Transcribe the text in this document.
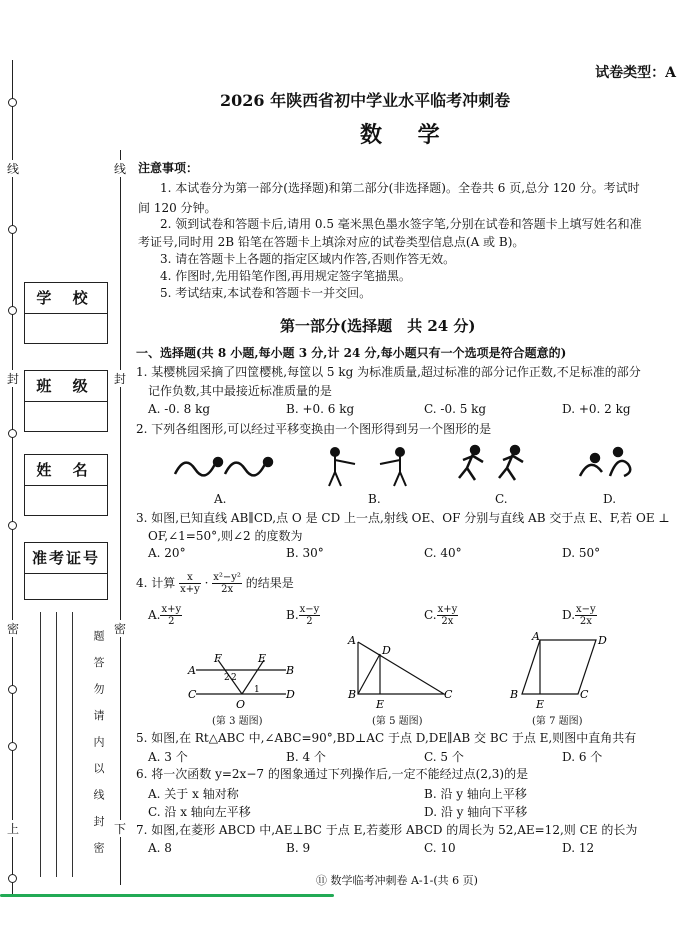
线
封
密
上
学 校
班 级
姓 名
准考证号
线
封
密
下
题 答 勿 请 内 以 线 封 密
试卷类型：A
2026 年陕西省初中学业水平临考冲刺卷
数 学
注意事项：
1. 本试卷分为第一部分(选择题)和第二部分(非选择题)。全卷共 6 页,总分 120 分。考试时
间 120 分钟。
2. 领到试卷和答题卡后,请用 0.5 毫米黑色墨水签字笔,分别在试卷和答题卡上填写姓名和准
考证号,同时用 2B 铅笔在答题卡上填涂对应的试卷类型信息点(A 或 B)。
3. 请在答题卡上各题的指定区域内作答,否则作答无效。
4. 作图时,先用铅笔作图,再用规定签字笔描黑。
5. 考试结束,本试卷和答题卡一并交回。
第一部分(选择题　共 24 分)
一、选择题(共 8 小题,每小题 3 分,计 24 分,每小题只有一个选项是符合题意的)
1. 某樱桃园采摘了四筐樱桃,每筐以 5 kg 为标准质量,超过标准的部分记作正数,不足标准的部分
记作负数,其中最接近标准质量的是
A. -0. 8 kg	B. +0. 6 kg	C. -0. 5 kg	D. +0. 2 kg
2. 下列各组图形,可以经过平移变换由一个图形得到另一个图形的是
A.	B.	C.	D.
3. 如图,已知直线 AB∥CD,点 O 是 CD 上一点,射线 OE、OF 分别与直线 AB 交于点 E、F,若 OE ⊥
OF,∠1=50°,则∠2 的度数为
A. 20°	B. 30°	C. 40°	D. 50°
4. 计算 $\frac{x}{x+y} \cdot \frac{\text{x²−y²}}{2x}$ 的结果是
A. $\frac{x+y}{2}$	B. $\frac{x-y}{2}$	C. $\frac{x+y}{2x}$	D. $\frac{x-y}{2x}$
A
F	E
B
C
O
D
2 2
1
(第 3 题图)
A
D
B
E
C
(第 5 题图)
A	D
B
E
C
(第 7 题图)
5. 如图,在 Rt△ABC 中,∠ABC=90°,BD⊥AC 于点 D,DE∥AB 交 BC 于点 E,则图中直角共有
A. 3 个	B. 4 个	C. 5 个	D. 6 个
6. 将一次函数 y=2x−7 的图象通过下列操作后,一定不能经过点(2,3)的是
A. 关于 x 轴对称	B. 沿 y 轴向上平移
C. 沿 x 轴向左平移	D. 沿 y 轴向下平移
7. 如图,在菱形 ABCD 中,AE⊥BC 于点 E,若菱形 ABCD 的周长为 52,AE=12,则 CE 的长为
A. 8	B. 9	C. 10	D. 12
⑪ 数学临考冲刺卷 A-1-(共 6 页)
